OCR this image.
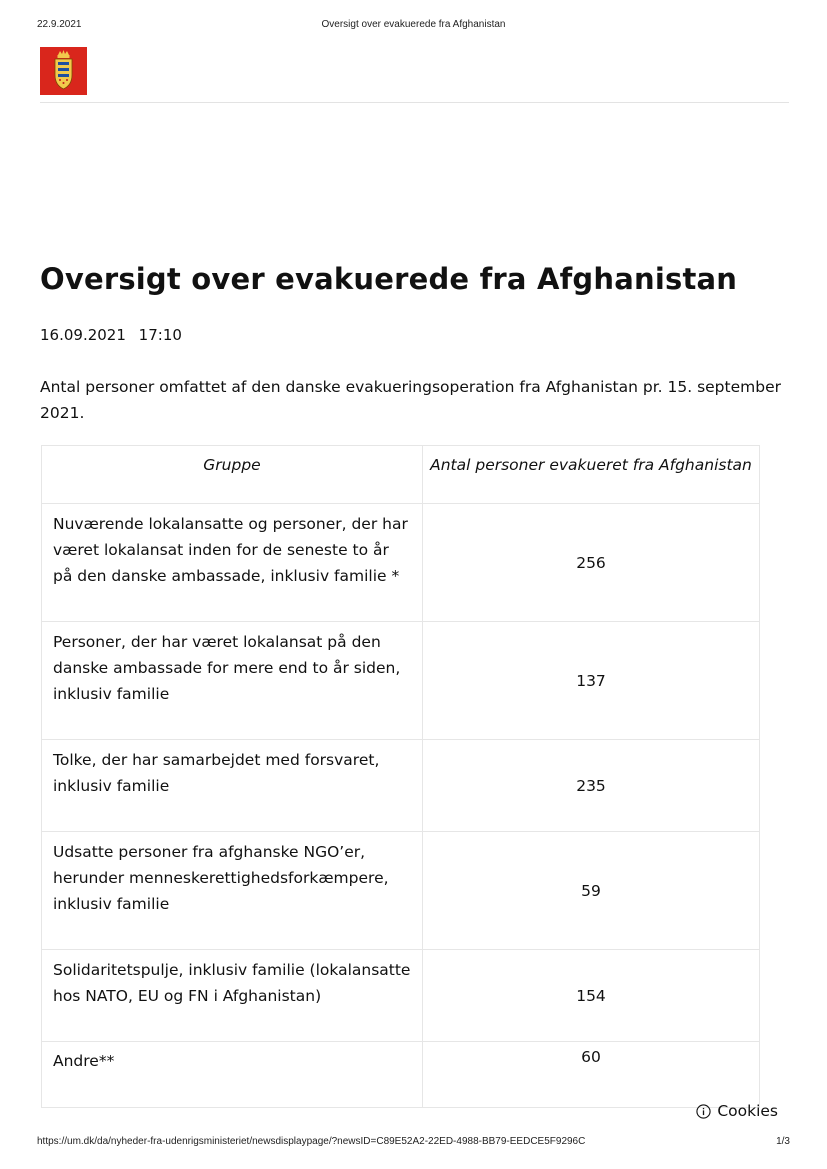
22.9.2021	Oversigt over evakuerede fra Afghanistan
Oversigt over evakuerede fra Afghanistan
16.09.2021 17:10

Antal personer omfattet af den danske evakueringsoperation fra Afghanistan pr. 15. september 2021.

Gruppe	Antal personer evakueret fra Afghanistan
Nuværende lokalansatte og personer, der har været lokalansat inden for de seneste to år på den danske ambassade, inklusiv familie *	256
Personer, der har været lokalansat på den danske ambassade for mere end to år siden, inklusiv familie	137
Tolke, der har samarbejdet med forsvaret, inklusiv familie	235
Udsatte personer fra afghanske NGO’er, herunder menneskerettighedsforkæmpere, inklusiv familie	59
Solidaritetspulje, inklusiv familie (lokalansatte hos NATO, EU og FN i Afghanistan)	154
Andre**	60
Cookies
https://um.dk/da/nyheder-fra-udenrigsministeriet/newsdisplaypage/?newsID=C89E52A2-22ED-4988-BB79-EEDCE5F9296C	1/3
